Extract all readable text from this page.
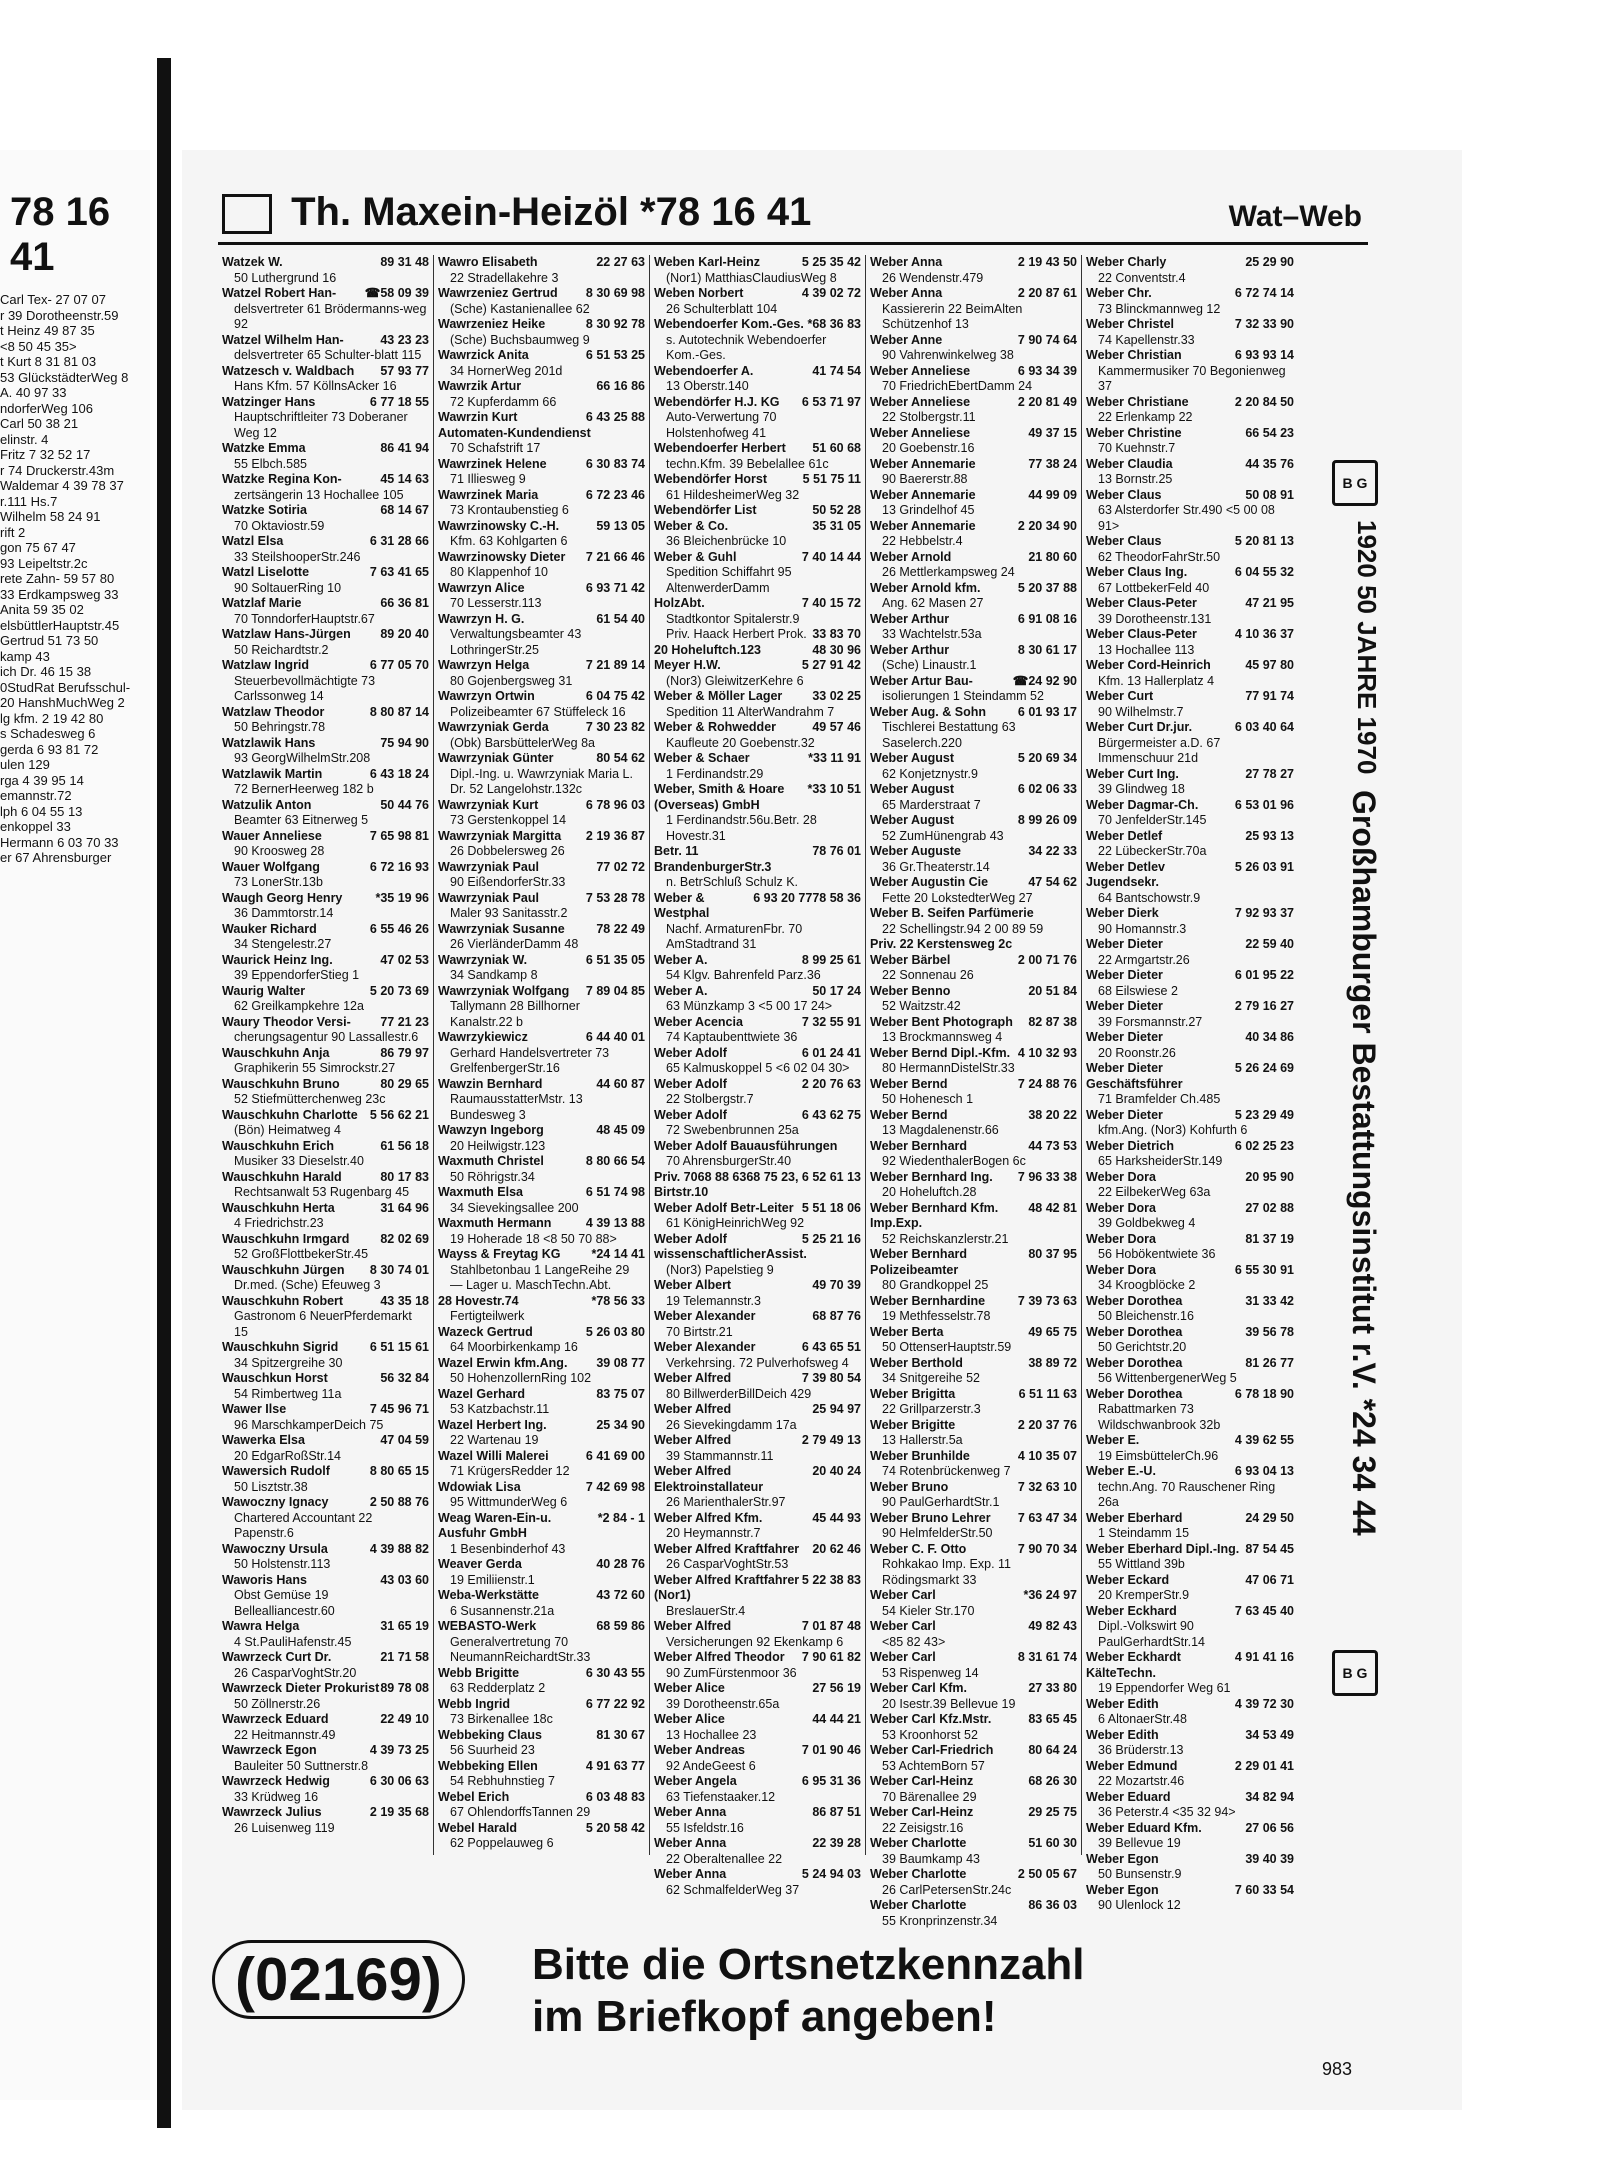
78 16 41
Carl Tex- 27 07 07
r 39 Dorotheenstr.59
t Heinz 49 87 35
<8 50 45 35>
t Kurt 8 31 81 03
53 GlückstädterWeg 8
A. 40 97 33
ndorferWeg 106
Carl 50 38 21
elinstr. 4
Fritz 7 32 52 17
r 74 Druckerstr.43m
Waldemar 4 39 78 37
r.111 Hs.7
Wilhelm 58 24 91
rift 2
gon 75 67 47
93 Leipeltstr.2c
rete Zahn- 59 57 80
33 Erdkampsweg 33
Anita 59 35 02
elsbüttlerHauptstr.45
Gertrud 51 73 50
kamp 43
ich Dr. 46 15 38
0StudRat Berufsschul-
20 HanshMuchWeg 2
lg kfm. 2 19 42 80
s Schadesweg 6
gerda 6 93 81 72
ulen 129
rga 4 39 95 14
emannstr.72
lph 6 04 55 13
enkoppel 33
Hermann 6 03 70 33
er 67 Ahrensburger
Th. Maxein-Heizöl *78 16 41	Wat–Web
89 31 48
Watzek W.
50 Luthergrund 16
☎58 09 39
Watzel Robert Han-
delsvertreter 61 Brödermanns-weg 92
43 23 23
Watzel Wilhelm Han-
delsvertreter 65 Schulter-blatt 115
57 93 77
Watzesch v. Waldbach
Hans Kfm. 57 KöllnsAcker 16
6 77 18 55
Watzinger Hans
Hauptschriftleiter 73 Doberaner Weg 12
86 41 94
Watzke Emma
55 Elbch.585
45 14 63
Watzke Regina Kon-
zertsängerin 13 Hochallee 105
68 14 67
Watzke Sotiria
70 Oktaviostr.59
6 31 28 66
Watzl Elsa
33 SteilshooperStr.246
7 63 41 65
Watzl Liselotte
90 SoltauerRing 10
66 36 81
Watzlaf Marie
70 TonndorferHauptstr.67
89 20 40
Watzlaw Hans-Jürgen
50 Reichardtstr.2
6 77 05 70
Watzlaw Ingrid
Steuerbevollmächtigte 73 Carlssonweg 14
8 80 87 14
Watzlaw Theodor
50 Behringstr.78
75 94 90
Watzlawik Hans
93 GeorgWilhelmStr.208
6 43 18 24
Watzlawik Martin
72 BernerHeerweg 182 b
50 44 76
Watzulik Anton
Beamter 63 Eitnerweg 5
7 65 98 81
Wauer Anneliese
90 Kroosweg 28
6 72 16 93
Wauer Wolfgang
73 LonerStr.13b
*35 19 96
Waugh Georg Henry
36 Dammtorstr.14
6 55 46 26
Wauker Richard
34 Stengelestr.27
47 02 53
Waurick Heinz Ing.
39 EppendorferStieg 1
5 20 73 69
Waurig Walter
62 Greilkampkehre 12a
77 21 23
Waury Theodor Versi-
cherungsagentur 90 Lassallestr.6
86 79 97
Wauschkuhn Anja
Graphikerin 55 Simrockstr.27
80 29 65
Wauschkuhn Bruno
52 Stiefmütterchenweg 23c
5 56 62 21
Wauschkuhn Charlotte
(Bön) Heimatweg 4
61 56 18
Wauschkuhn Erich
Musiker 33 Dieselstr.40
80 17 83
Wauschkuhn Harald
Rechtsanwalt 53 Rugenbarg 45
31 64 96
Wauschkuhn Herta
4 Friedrichstr.23
82 02 69
Wauschkuhn Irmgard
52 GroßFlottbekerStr.45
8 30 74 01
Wauschkuhn Jürgen
Dr.med. (Sche) Efeuweg 3
43 35 18
Wauschkuhn Robert
Gastronom 6 NeuerPferdemarkt 15
6 51 15 61
Wauschkuhn Sigrid
34 Spitzergreihe 30
56 32 84
Wauschkun Horst
54 Rimbertweg 11a
7 45 96 71
Wawer Ilse
96 MarschkamperDeich 75
47 04 59
Wawerka Elsa
20 EdgarRoßStr.14
8 80 65 15
Wawersich Rudolf
50 Lisztstr.38
2 50 88 76
Wawoczny Ignacy
Chartered Accountant 22 Papenstr.6
4 39 88 82
Wawoczny Ursula
50 Holstenstr.113
43 03 60
Waworis Hans
Obst Gemüse 19 Bellealliancestr.60
31 65 19
Wawra Helga
4 St.PauliHafenstr.45
21 71 58
Wawrzeck Curt Dr.
26 CasparVoghtStr.20
89 78 08
Wawrzeck Dieter Prokurist
50 Zöllnerstr.26
22 49 10
Wawrzeck Eduard
22 Heitmannstr.49
4 39 73 25
Wawrzeck Egon
Bauleiter 50 Suttnerstr.8
6 30 06 63
Wawrzeck Hedwig
33 Krüdweg 16
2 19 35 68
Wawrzeck Julius
26 Luisenweg 119
22 27 63
Wawro Elisabeth
22 Stradellakehre 3
8 30 69 98
Wawrzeniez Gertrud
(Sche) Kastanienallee 62
8 30 92 78
Wawrzeniez Heike
(Sche) Buchsbaumweg 9
6 51 53 25
Wawrzick Anita
34 HornerWeg 201d
66 16 86
Wawrzik Artur
72 Kupferdamm 66
6 43 25 88
Wawrzin Kurt Automaten-Kundendienst
70 Schafstrift 17
6 30 83 74
Wawrzinek Helene
71 Illiesweg 9
6 72 23 46
Wawrzinek Maria
73 Krontaubenstieg 6
59 13 05
Wawrzinowsky C.-H.
Kfm. 63 Kohlgarten 6
7 21 66 46
Wawrzinowsky Dieter
80 Klappenhof 10
6 93 71 42
Wawrzyn Alice
70 Lesserstr.113
61 54 40
Wawrzyn H. G.
Verwaltungsbeamter 43 LothringerStr.25
7 21 89 14
Wawrzyn Helga
80 Gojenbergsweg 31
6 04 75 42
Wawrzyn Ortwin
Polizeibeamter 67 Stüffeleck 16
7 30 23 82
Wawrzyniak Gerda
(Obk) BarsbüttelerWeg 8a
80 54 62
Wawrzyniak Günter
Dipl.-Ing. u. Wawrzyniak Maria L. Dr. 52 Langelohstr.132c
6 78 96 03
Wawrzyniak Kurt
73 Gerstenkoppel 14
2 19 36 87
Wawrzyniak Margitta
26 Dobbelersweg 26
77 02 72
Wawrzyniak Paul
90 EißendorferStr.33
7 53 28 78
Wawrzyniak Paul
Maler 93 Sanitasstr.2
78 22 49
Wawrzyniak Susanne
26 VierländerDamm 48
6 51 35 05
Wawrzyniak W.
34 Sandkamp 8
7 89 04 85
Wawrzyniak Wolfgang
Tallymann 28 Billhorner Kanalstr.22 b
6 44 40 01
Wawrzykiewicz
Gerhard Handelsvertreter 73 GrelfenbergerStr.16
44 60 87
Wawzin Bernhard
RaumausstatterMstr. 13 Bundesweg 3
48 45 09
Wawzyn Ingeborg
20 Heilwigstr.123
8 80 66 54
Waxmuth Christel
50 Röhrigstr.34
6 51 74 98
Waxmuth Elsa
34 Sievekingsallee 200
4 39 13 88
Waxmuth Hermann
19 Hoherade 18 <8 50 70 88>
*24 14 41
Wayss & Freytag KG
Stahlbetonbau 1 LangeReihe 29 — Lager u. MaschTechn.Abt.
*78 56 33
28 Hovestr.74
Fertigteilwerk
5 26 03 80
Wazeck Gertrud
64 Moorbirkenkamp 16
39 08 77
Wazel Erwin kfm.Ang.
50 HohenzollernRing 102
83 75 07
Wazel Gerhard
53 Katzbachstr.11
25 34 90
Wazel Herbert Ing.
22 Wartenau 19
6 41 69 00
Wazel Willi Malerei
71 KrügersRedder 12
7 42 69 98
Wdowiak Lisa
95 WittmunderWeg 6
*2 84 - 1
Weag Waren-Ein-u. Ausfuhr GmbH
1 Besenbinderhof 43
40 28 76
Weaver Gerda
19 Emiliienstr.1
43 72 60
Weba-Werkstätte
6 Susannenstr.21a
68 59 86
WEBASTO-Werk
Generalvertretung 70 NeumannReichardtStr.33
6 30 43 55
Webb Brigitte
63 Redderplatz 2
6 77 22 92
Webb Ingrid
73 Birkenallee 18c
81 30 67
Webbeking Claus
56 Suurheid 23
4 91 63 77
Webbeking Ellen
54 Rebhuhnstieg 7
6 03 48 83
Webel Erich
67 OhlendorffsTannen 29
5 20 58 42
Webel Harald
62 Poppelauweg 6
5 25 35 42
Weben Karl-Heinz
(Nor1) MatthiasClaudiusWeg 8
4 39 02 72
Weben Norbert
26 Schulterblatt 104
*68 36 83
Webendoerfer Kom.-Ges.
s. Autotechnik Webendoerfer Kom.-Ges.
41 74 54
Webendoerfer A.
13 Oberstr.140
6 53 71 97
Webendörfer H.J. KG
Auto-Verwertung 70 Holstenhofweg 41
51 60 68
Webendoerfer Herbert
techn.Kfm. 39 Bebelallee 61c
5 51 75 11
Webendörfer Horst
61 HildesheimerWeg 32
50 52 28
Webendörfer List
35 31 05
Weber & Co.
36 Bleichenbrücke 10
7 40 14 44
Weber & Guhl
Spedition Schiffahrt 95 AltenwerderDamm
7 40 15 72
HolzAbt.
Stadtkontor Spitalerstr.9
33 83 70
Priv. Haack Herbert Prok.
48 30 96
20 Hoheluftch.123
5 27 91 42
Meyer H.W.
(Nor3) GleiwitzerKehre 6
33 02 25
Weber & Möller Lager
Spedition 11 AlterWandrahm 7
49 57 46
Weber & Rohwedder
Kaufleute 20 Goebenstr.32
*33 11 91
Weber & Schaer
1 Ferdinandstr.29
*33 10 51
Weber, Smith & Hoare (Overseas) GmbH
1 Ferdinandstr.56u.Betr. 28 Hovestr.31
78 76 01
Betr. 11 BrandenburgerStr.3
n. BetrSchluß Schulz K.
78 58 36
6 93 20 77
Weber & Westphal
Nachf. ArmaturenFbr. 70 AmStadtrand 31
8 99 25 61
Weber A.
54 Klgv. Bahrenfeld Parz.36
50 17 24
Weber A.
63 Münzkamp 3 <5 00 17 24>
7 32 55 91
Weber Acencia
74 Kaptaubenttwiete 36
6 01 24 41
Weber Adolf
65 Kalmuskoppel 5 <6 02 04 30>
2 20 76 63
Weber Adolf
22 Stolbergstr.7
6 43 62 75
Weber Adolf
72 Swebenbrunnen 25a
Weber Adolf Bauausführungen
70 AhrensburgerStr.40
68 75 23, 6 52 61 13
68 88 63
Priv. 70 Birtstr.10
5 51 18 06
Weber Adolf Betr-Leiter
61 KönigHeinrichWeg 92
5 25 21 16
Weber Adolf wissenschaftlicherAssist.
(Nor3) Papelstieg 9
49 70 39
Weber Albert
19 Telemannstr.3
68 87 76
Weber Alexander
70 Birtstr.21
6 43 65 51
Weber Alexander
Verkehrsing. 72 Pulverhofsweg 4
7 39 80 54
Weber Alfred
80 BillwerderBillDeich 429
25 94 97
Weber Alfred
26 Sievekingdamm 17a
2 79 49 13
Weber Alfred
39 Stammannstr.11
20 40 24
Weber Alfred Elektroinstallateur
26 MarienthalerStr.97
45 44 93
Weber Alfred Kfm.
20 Heymannstr.7
20 62 46
Weber Alfred Kraftfahrer
26 CasparVoghtStr.53
5 22 38 83
Weber Alfred Kraftfahrer (Nor1)
BreslauerStr.4
7 01 87 48
Weber Alfred
Versicherungen 92 Ekenkamp 6
7 90 61 82
Weber Alfred Theodor
90 ZumFürstenmoor 36
27 56 19
Weber Alice
39 Dorotheenstr.65a
44 44 21
Weber Alice
13 Hochallee 23
7 01 90 46
Weber Andreas
92 AndeGeest 6
6 95 31 36
Weber Angela
63 Tiefenstaaker.12
86 87 51
Weber Anna
55 Isfeldstr.16
22 39 28
Weber Anna
22 Oberaltenallee 22
5 24 94 03
Weber Anna
62 SchmalfelderWeg 37
2 19 43 50
Weber Anna
26 Wendenstr.479
2 20 87 61
Weber Anna
Kassiererin 22 BeimAlten Schützenhof 13
7 90 74 64
Weber Anne
90 Vahrenwinkelweg 38
6 93 34 39
Weber Anneliese
70 FriedrichEbertDamm 24
2 20 81 49
Weber Anneliese
22 Stolbergstr.11
49 37 15
Weber Anneliese
20 Goebenstr.16
77 38 24
Weber Annemarie
90 Baererstr.88
44 99 09
Weber Annemarie
13 Grindelhof 45
2 20 34 90
Weber Annemarie
22 Hebbelstr.4
21 80 60
Weber Arnold
26 Mettlerkampsweg 24
5 20 37 88
Weber Arnold kfm.
Ang. 62 Masen 27
6 91 08 16
Weber Arthur
33 Wachtelstr.53a
8 30 61 17
Weber Arthur
(Sche) Linaustr.1
☎24 92 90
Weber Artur Bau-
isolierungen 1 Steindamm 52
6 01 93 17
Weber Aug. & Sohn
Tischlerei Bestattung 63 Saselerch.220
5 20 69 34
Weber August
62 Konjetznystr.9
6 02 06 33
Weber August
65 Marderstraat 7
8 99 26 09
Weber August
52 ZumHünengrab 43
34 22 33
Weber Auguste
36 Gr.Theaterstr.14
47 54 62
Weber Augustin Cie
Fette 20 LokstedterWeg 27
Weber B. Seifen Parfümerie
22 Schellingstr.94 2 00 89 59
Priv. 22 Kerstensweg 2c
2 00 71 76
Weber Bärbel
22 Sonnenau 26
20 51 84
Weber Benno
52 Waitzstr.42
82 87 38
Weber Bent Photograph
13 Brockmannsweg 4
4 10 32 93
Weber Bernd Dipl.-Kfm.
80 HermannDistelStr.33
7 24 88 76
Weber Bernd
50 Hohenesch 1
38 20 22
Weber Bernd
13 Magdalenenstr.66
44 73 53
Weber Bernhard
92 WiedenthalerBogen 6c
7 96 33 38
Weber Bernhard Ing.
20 Hoheluftch.28
48 42 81
Weber Bernhard Kfm. Imp.Exp.
52 Reichskanzlerstr.21
80 37 95
Weber Bernhard Polizeibeamter
80 Grandkoppel 25
7 39 73 63
Weber Bernhardine
19 Methfesselstr.78
49 65 75
Weber Berta
50 OttenserHauptstr.59
38 89 72
Weber Berthold
34 Snitgereihe 52
6 51 11 63
Weber Brigitta
22 Grillparzerstr.3
2 20 37 76
Weber Brigitte
13 Hallerstr.5a
4 10 35 07
Weber Brunhilde
74 Rotenbrückenweg 7
7 32 63 10
Weber Bruno
90 PaulGerhardtStr.1
7 63 47 34
Weber Bruno Lehrer
90 HelmfelderStr.50
7 90 70 34
Weber C. F. Otto
Rohkakao Imp. Exp. 11 Rödingsmarkt 33
*36 24 97
Weber Carl
54 Kieler Str.170
49 82 43
Weber Carl
<85 82 43>
8 31 61 74
Weber Carl
53 Rispenweg 14
27 33 80
Weber Carl Kfm.
20 Isestr.39 Bellevue 19
83 65 45
Weber Carl Kfz.Mstr.
53 Kroonhorst 52
80 64 24
Weber Carl-Friedrich
53 AchtemBorn 57
68 26 30
Weber Carl-Heinz
70 Bärenallee 29
29 25 75
Weber Carl-Heinz
22 Zeisigstr.16
51 60 30
Weber Charlotte
39 Baumkamp 43
2 50 05 67
Weber Charlotte
26 CarlPetersenStr.24c
86 36 03
Weber Charlotte
55 Kronprinzenstr.34
25 29 90
Weber Charly
22 Conventstr.4
6 72 74 14
Weber Chr.
73 Blinckmannweg 12
7 32 33 90
Weber Christel
74 Kapellenstr.33
6 93 93 14
Weber Christian
Kammermusiker 70 Begonienweg 37
2 20 84 50
Weber Christiane
22 Erlenkamp 22
66 54 23
Weber Christine
70 Kuehnstr.7
44 35 76
Weber Claudia
13 Bornstr.25
50 08 91
Weber Claus
63 Alsterdorfer Str.490 <5 00 08 91>
5 20 81 13
Weber Claus
62 TheodorFahrStr.50
6 04 55 32
Weber Claus Ing.
67 LottbekerFeld 40
47 21 95
Weber Claus-Peter
39 Dorotheenstr.131
4 10 36 37
Weber Claus-Peter
13 Hochallee 113
45 97 80
Weber Cord-Heinrich
Kfm. 13 Hallerplatz 4
77 91 74
Weber Curt
90 Wilhelmstr.7
6 03 40 64
Weber Curt Dr.jur.
Bürgermeister a.D. 67 Immenschuur 21d
27 78 27
Weber Curt Ing.
39 Glindweg 18
6 53 01 96
Weber Dagmar-Ch.
70 JenfelderStr.145
25 93 13
Weber Detlef
22 LübeckerStr.70a
5 26 03 91
Weber Detlev Jugendsekr.
64 Bantschowstr.9
7 92 93 37
Weber Dierk
90 Homannstr.3
22 59 40
Weber Dieter
22 Armgartstr.26
6 01 95 22
Weber Dieter
68 Eilswiese 2
2 79 16 27
Weber Dieter
39 Forsmannstr.27
40 34 86
Weber Dieter
20 Roonstr.26
5 26 24 69
Weber Dieter Geschäftsführer
71 Bramfelder Ch.485
5 23 29 49
Weber Dieter
kfm.Ang. (Nor3) Kohfurth 6
6 02 25 23
Weber Dietrich
65 HarksheiderStr.149
20 95 90
Weber Dora
22 EilbekerWeg 63a
27 02 88
Weber Dora
39 Goldbekweg 4
81 37 19
Weber Dora
56 Hobökentwiete 36
6 55 30 91
Weber Dora
34 Kroogblöcke 2
31 33 42
Weber Dorothea
50 Bleichenstr.16
39 56 78
Weber Dorothea
50 Gerichtstr.20
81 26 77
Weber Dorothea
56 WittenbergenerWeg 5
6 78 18 90
Weber Dorothea
Rabattmarken 73 Wildschwanbrook 32b
4 39 62 55
Weber E.
19 EimsbüttelerCh.96
6 93 04 13
Weber E.-U.
techn.Ang. 70 Rauschener Ring 26a
24 29 50
Weber Eberhard
1 Steindamm 15
87 54 45
Weber Eberhard Dipl.-Ing.
55 Wittland 39b
47 06 71
Weber Eckard
20 KremperStr.9
7 63 45 40
Weber Eckhard
Dipl.-Volkswirt 90 PaulGerhardtStr.14
4 91 41 16
Weber Eckhardt KälteTechn.
19 Eppendorfer Weg 61
4 39 72 30
Weber Edith
6 AltonaerStr.48
34 53 49
Weber Edith
36 Brüderstr.13
2 29 01 41
Weber Edmund
22 Mozartstr.46
34 82 94
Weber Eduard
36 Peterstr.4 <35 32 94>
27 06 56
Weber Eduard Kfm.
39 Bellevue 19
39 40 39
Weber Egon
50 Bunsenstr.9
7 60 33 54
Weber Egon
90 Ulenlock 12
B G
1920 50 JAHRE 1970
Großhamburger Bestattungsinstitut r.V. *24 34 44
B G
(02169)	Bitte die Ortsnetzkennzahl
im Briefkopf angeben!
983
